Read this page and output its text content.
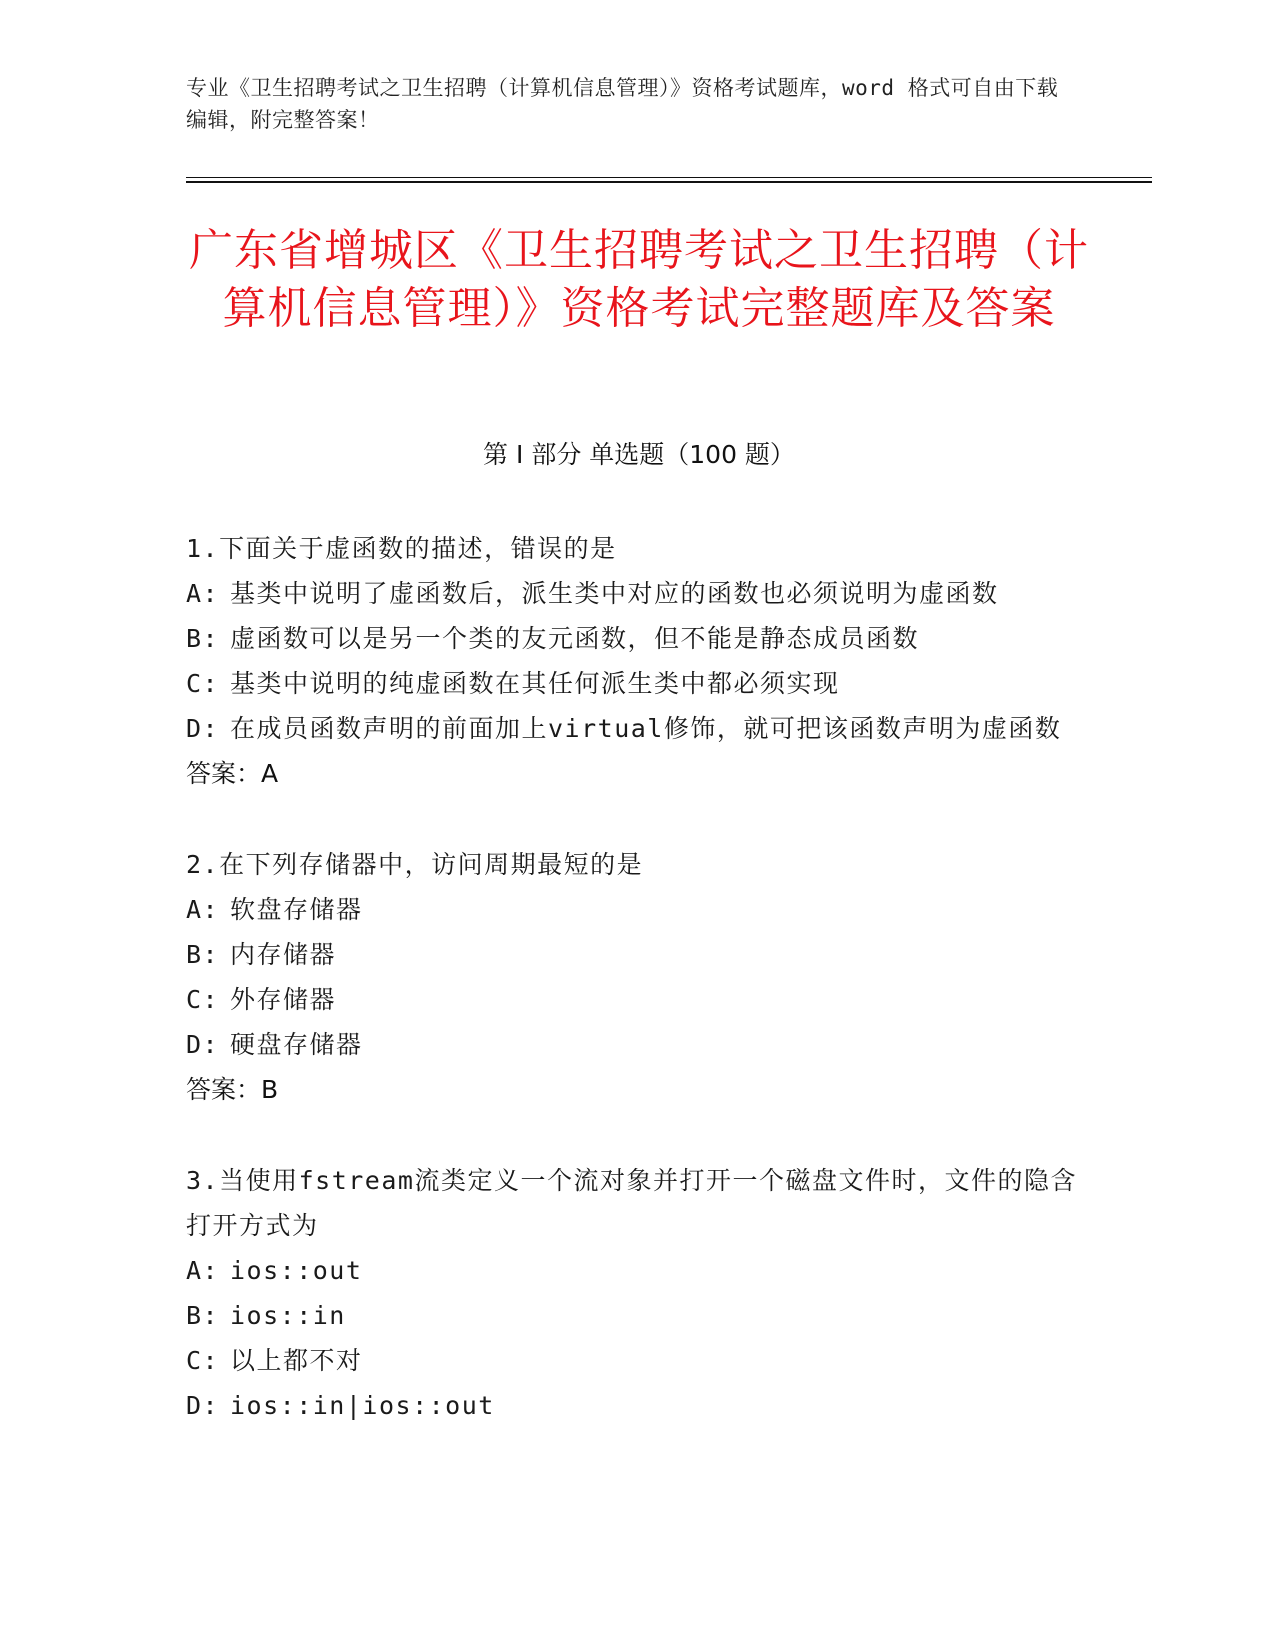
专业《卫生招聘考试之卫生招聘（计算机信息管理）》资格考试题库，word 格式可自由下载编辑，附完整答案！
广东省增城区《卫生招聘考试之卫生招聘（计算机信息管理）》资格考试完整题库及答案
第 I 部分 单选题（100 题）
1.下面关于虚函数的描述，错误的是
A: 基类中说明了虚函数后，派生类中对应的函数也必须说明为虚函数
B: 虚函数可以是另一个类的友元函数，但不能是静态成员函数
C: 基类中说明的纯虚函数在其任何派生类中都必须实现
D: 在成员函数声明的前面加上virtual修饰，就可把该函数声明为虚函数
答案：A
2.在下列存储器中，访问周期最短的是
A: 软盘存储器
B: 内存储器
C: 外存储器
D: 硬盘存储器
答案：B
3.当使用fstream流类定义一个流对象并打开一个磁盘文件时，文件的隐含打开方式为
A: ios::out
B: ios::in
C: 以上都不对
D: ios::in|ios::out
